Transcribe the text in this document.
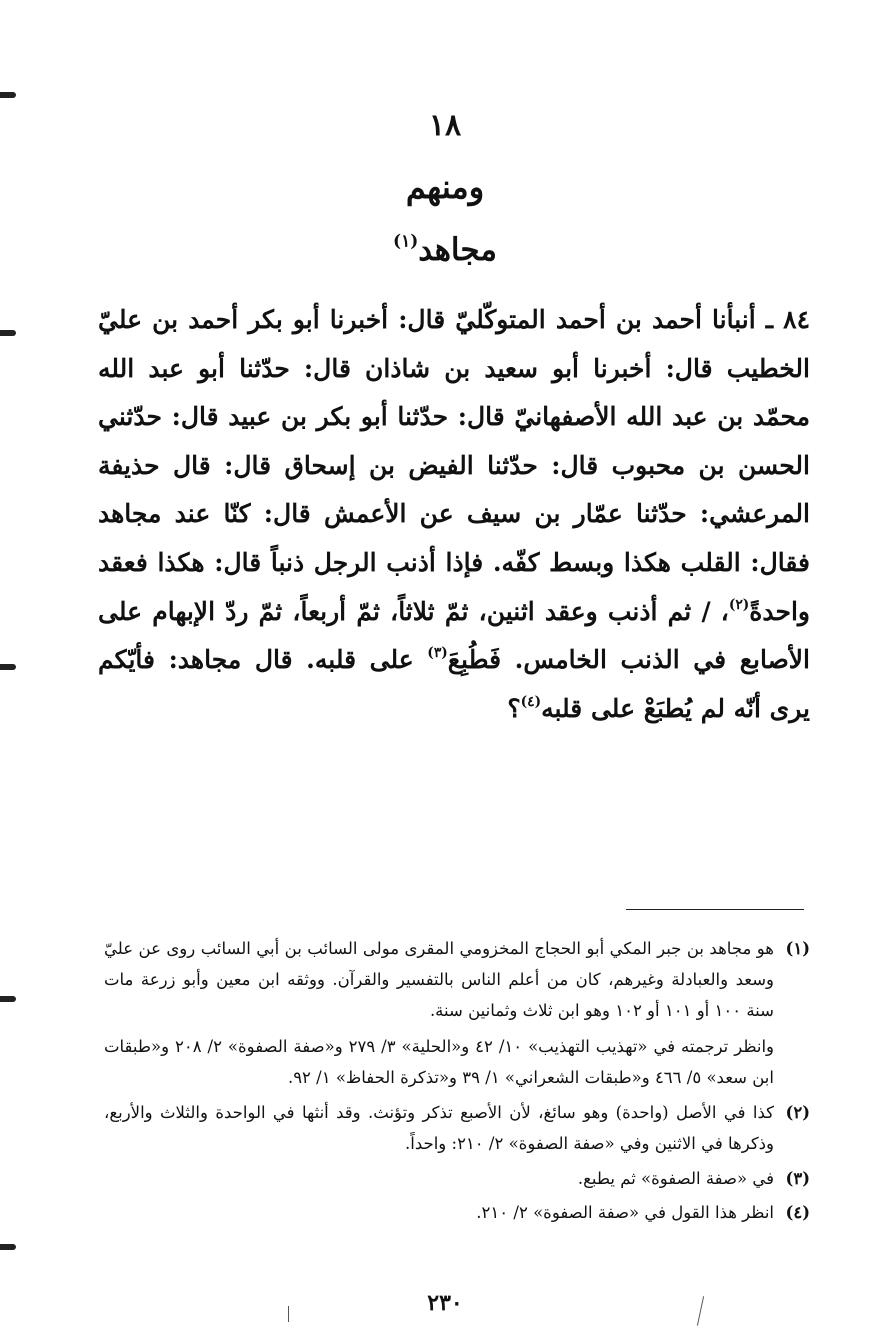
١٨
ومنهم
مجاهد$^{(١)}$

٨٤ ـ أنبأنا أحمد بن أحمد المتوكّليّ قال: أخبرنا أبو بكر أحمد بن عليّ الخطيب قال: أخبرنا أبو سعيد بن شاذان قال: حدّثنا أبو عبد الله محمّد بن عبد الله الأصفهانيّ قال: حدّثنا أبو بكر بن عبيد قال: حدّثني الحسن بن محبوب قال: حدّثنا الفيض بن إسحاق قال: قال حذيفة المرعشي: حدّثنا عمّار بن سيف عن الأعمش قال: كنّا عند مجاهد فقال: القلب هكذا وبسط كفّه. فإذا أذنب الرجل ذنباً قال: هكذا فعقد واحدةً$^{(٢)}$، / ثم أذنب وعقد اثنين، ثمّ ثلاثاً، ثمّ أربعاً، ثمّ ردّ الإبهام على الأصابع في الذنب الخامس. فَطُبِعَ$^{(٣)}$ على قلبه. قال مجاهد: فأيّكم يرى أنّه لم يُطبَعْ على قلبه$^{(٤)}$؟

(١)
هو مجاهد بن جبر المكي أبو الحجاج المخزومي المقرى مولى السائب بن أبي السائب روى عن عليّ وسعد والعبادلة وغيرهم، كان من أعلم الناس بالتفسير والقرآن. ووثقه ابن معين وأبو زرعة مات سنة ١٠٠ أو ١٠١ أو ١٠٢ وهو ابن ثلاث وثمانين سنة.
وانظر ترجمته في «تهذيب التهذيب» ١٠/ ٤٢ و«الحلية» ٣/ ٢٧٩ و«صفة الصفوة» ٢/ ٢٠٨ و«طبقات ابن سعد» ٥/ ٤٦٦ و«طبقات الشعراني» ١/ ٣٩ و«تذكرة الحفاظ» ١/ ٩٢.
(٢)
كذا في الأصل (واحدة) وهو سائغ، لأن الأصبع تذكر وتؤنث. وقد أنثها في الواحدة والثلاث والأربع، وذكرها في الاثنين وفي «صفة الصفوة» ٢/ ٢١٠: واحداً.
(٣)
في «صفة الصفوة» ثم يطبع.
(٤)
انظر هذا القول في «صفة الصفوة» ٢/ ٢١٠.
٢٣٠
